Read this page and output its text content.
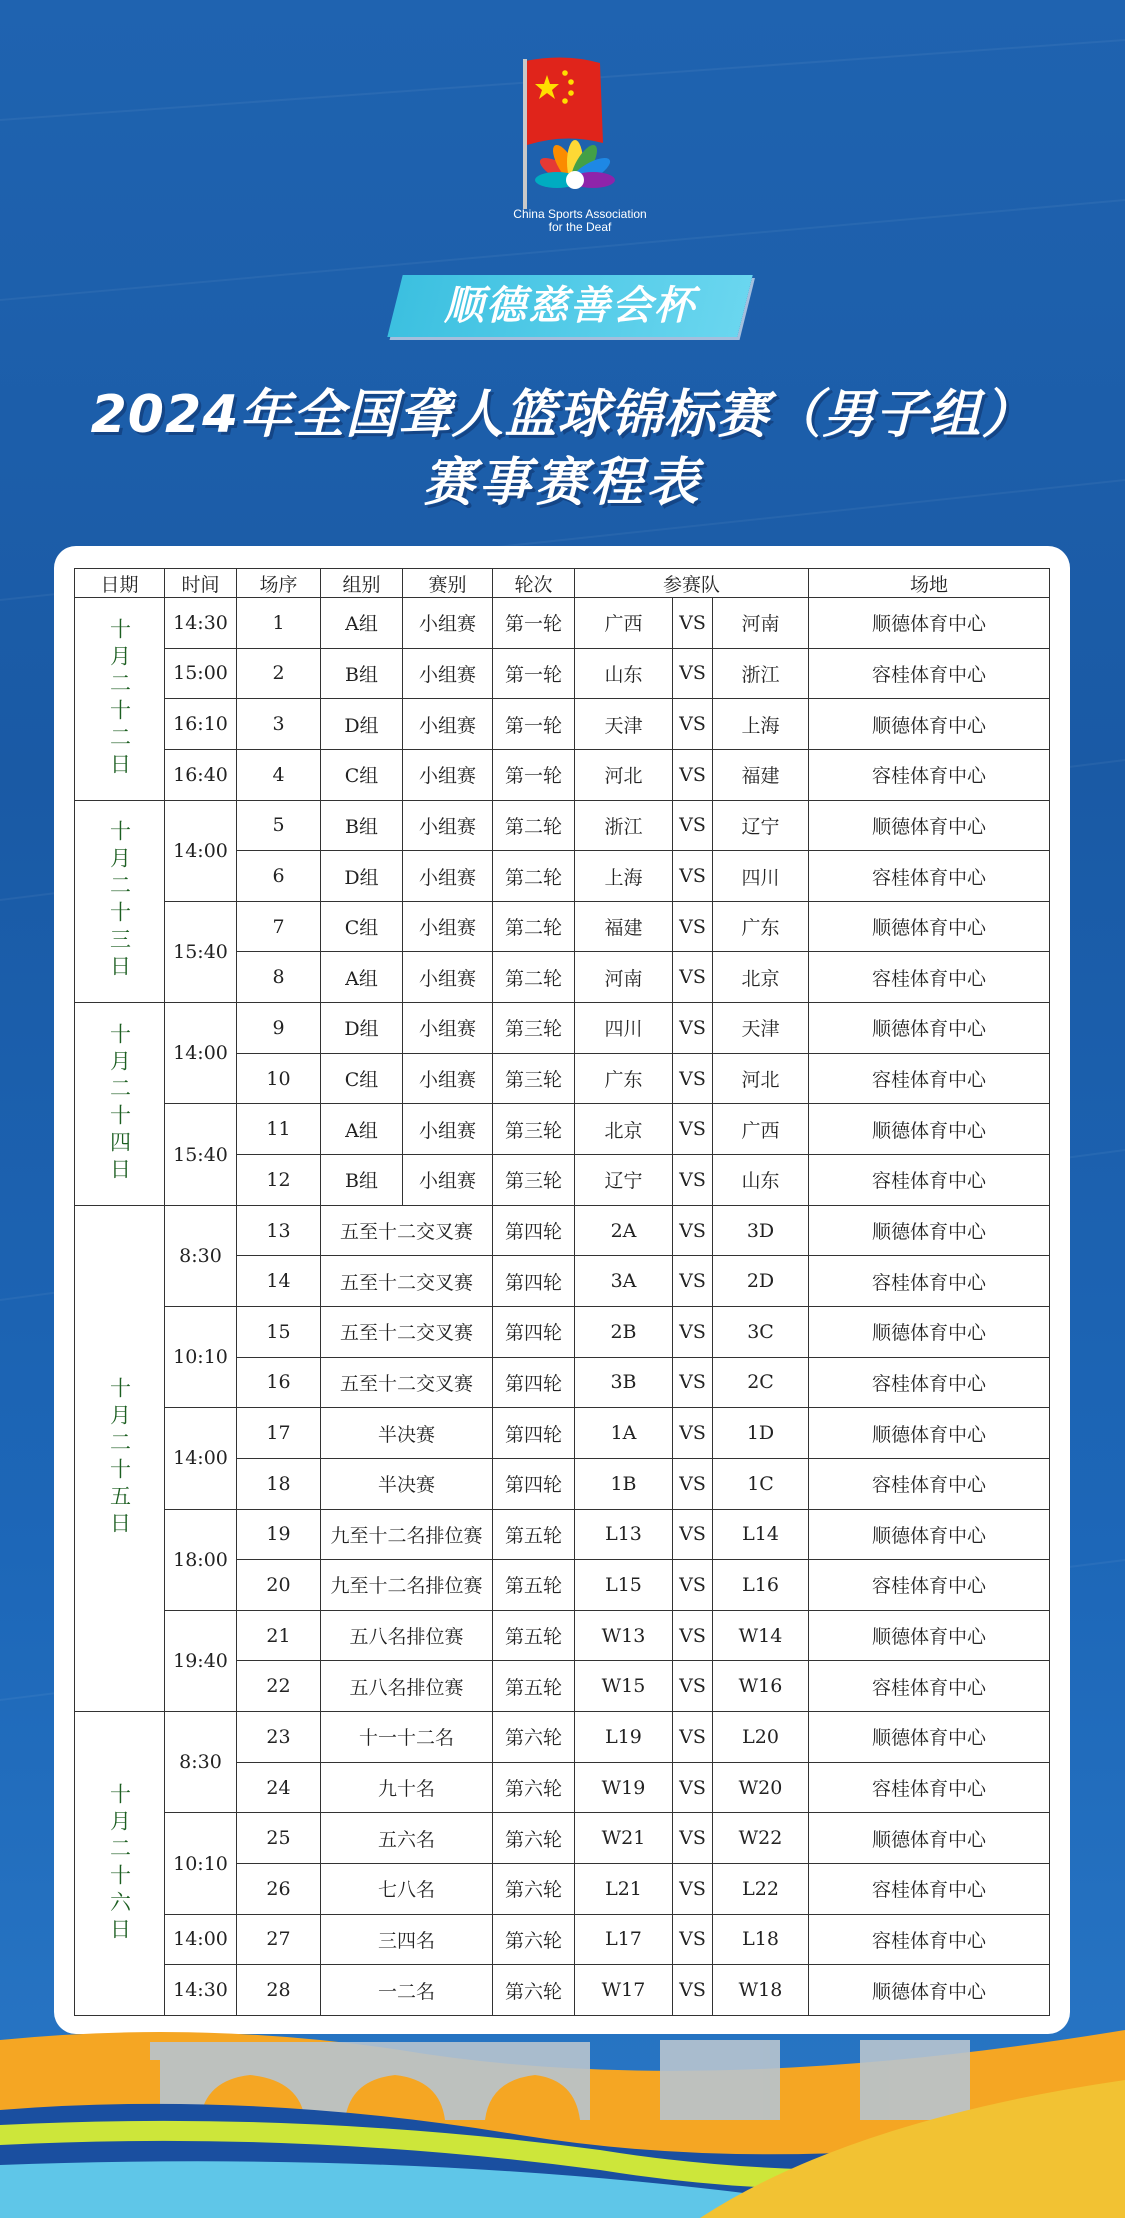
China Sports Association
for the Deaf
顺德慈善会杯
2024年全国聋人篮球锦标赛（男子组）
赛事赛程表
日期	时间	场序	组别	赛别	轮次	参赛队			场地
十月二十二日	14:30	1	A组	小组赛	第一轮	广西	VS	河南	顺德体育中心
	15:00	2	B组	小组赛	第一轮	山东	VS	浙江	容桂体育中心
	16:10	3	D组	小组赛	第一轮	天津	VS	上海	顺德体育中心
	16:40	4	C组	小组赛	第一轮	河北	VS	福建	容桂体育中心
十月二十三日	14:00	5	B组	小组赛	第二轮	浙江	VS	辽宁	顺德体育中心
		6	D组	小组赛	第二轮	上海	VS	四川	容桂体育中心
	15:40	7	C组	小组赛	第二轮	福建	VS	广东	顺德体育中心
		8	A组	小组赛	第二轮	河南	VS	北京	容桂体育中心
十月二十四日	14:00	9	D组	小组赛	第三轮	四川	VS	天津	顺德体育中心
		10	C组	小组赛	第三轮	广东	VS	河北	容桂体育中心
	15:40	11	A组	小组赛	第三轮	北京	VS	广西	顺德体育中心
		12	B组	小组赛	第三轮	辽宁	VS	山东	容桂体育中心
十月二十五日	8:30	13	五至十二交叉赛		第四轮	2A	VS	3D	顺德体育中心
		14	五至十二交叉赛		第四轮	3A	VS	2D	容桂体育中心
	10:10	15	五至十二交叉赛		第四轮	2B	VS	3C	顺德体育中心
		16	五至十二交叉赛		第四轮	3B	VS	2C	容桂体育中心
	14:00	17	半决赛		第四轮	1A	VS	1D	顺德体育中心
		18	半决赛		第四轮	1B	VS	1C	容桂体育中心
	18:00	19	九至十二名排位赛		第五轮	L13	VS	L14	顺德体育中心
		20	九至十二名排位赛		第五轮	L15	VS	L16	容桂体育中心
	19:40	21	五八名排位赛		第五轮	W13	VS	W14	顺德体育中心
		22	五八名排位赛		第五轮	W15	VS	W16	容桂体育中心
十月二十六日	8:30	23	十一十二名		第六轮	L19	VS	L20	顺德体育中心
		24	九十名		第六轮	W19	VS	W20	容桂体育中心
	10:10	25	五六名		第六轮	W21	VS	W22	顺德体育中心
		26	七八名		第六轮	L21	VS	L22	容桂体育中心
	14:00	27	三四名		第六轮	L17	VS	L18	容桂体育中心
	14:30	28	一二名		第六轮	W17	VS	W18	顺德体育中心
